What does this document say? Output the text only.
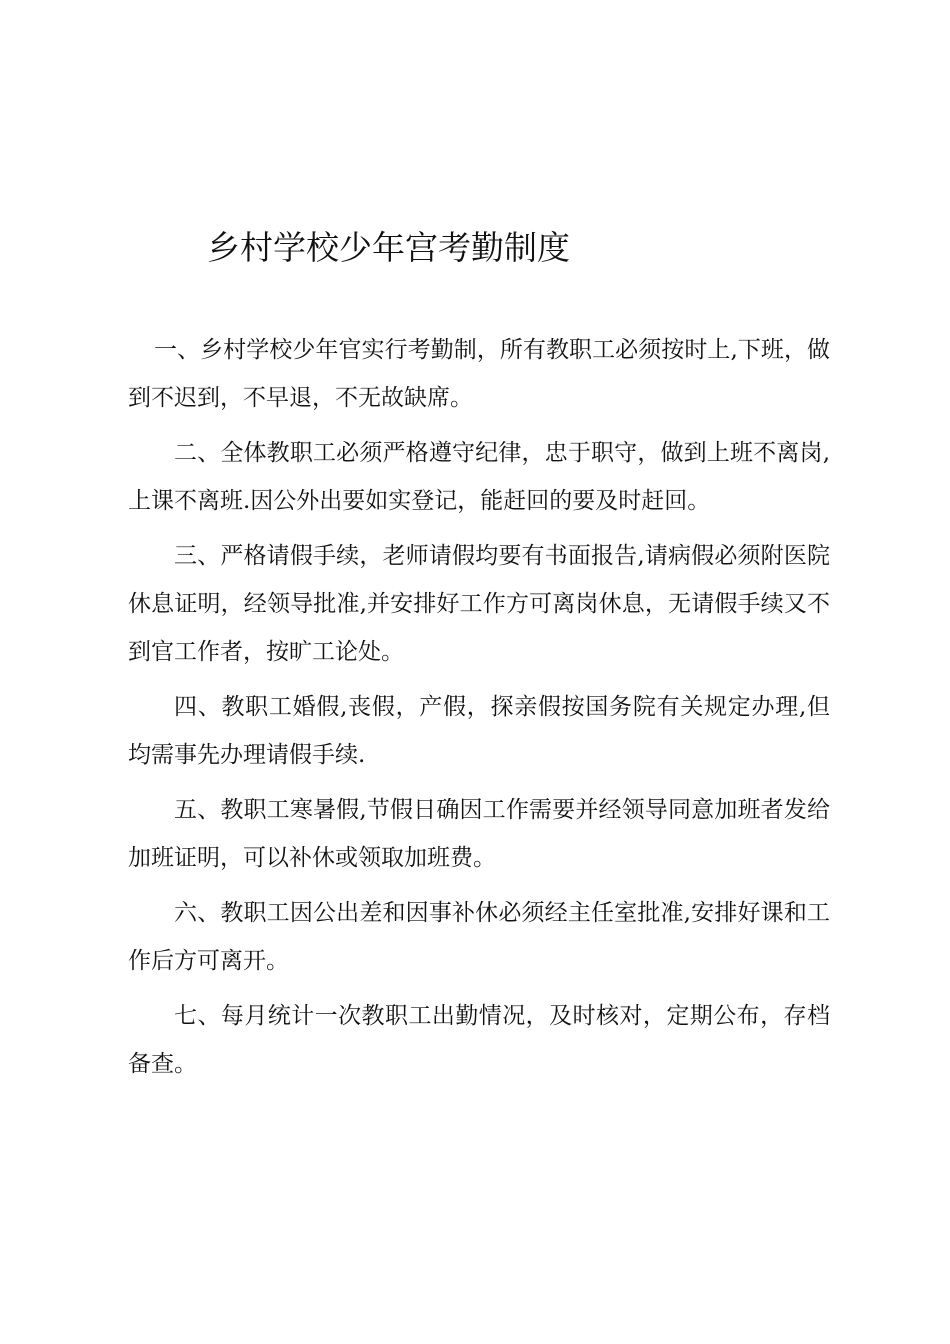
乡村学校少年宫考勤制度

一、乡村学校少年官实行考勤制，所有教职工必须按时上,下班，做到不迟到，不早退，不无故缺席。

二、全体教职工必须严格遵守纪律，忠于职守，做到上班不离岗,上课不离班.因公外出要如实登记，能赶回的要及时赶回。

三、严格请假手续，老师请假均要有书面报告,请病假必须附医院休息证明，经领导批准,并安排好工作方可离岗休息，无请假手续又不到官工作者，按旷工论处。

四、教职工婚假,丧假，产假，探亲假按国务院有关规定办理,但均需事先办理请假手续.

五、教职工寒暑假,节假日确因工作需要并经领导同意加班者发给加班证明，可以补休或领取加班费。

六、教职工因公出差和因事补休必须经主任室批准,安排好课和工作后方可离开。

七、每月统计一次教职工出勤情况，及时核对，定期公布，存档备查。
